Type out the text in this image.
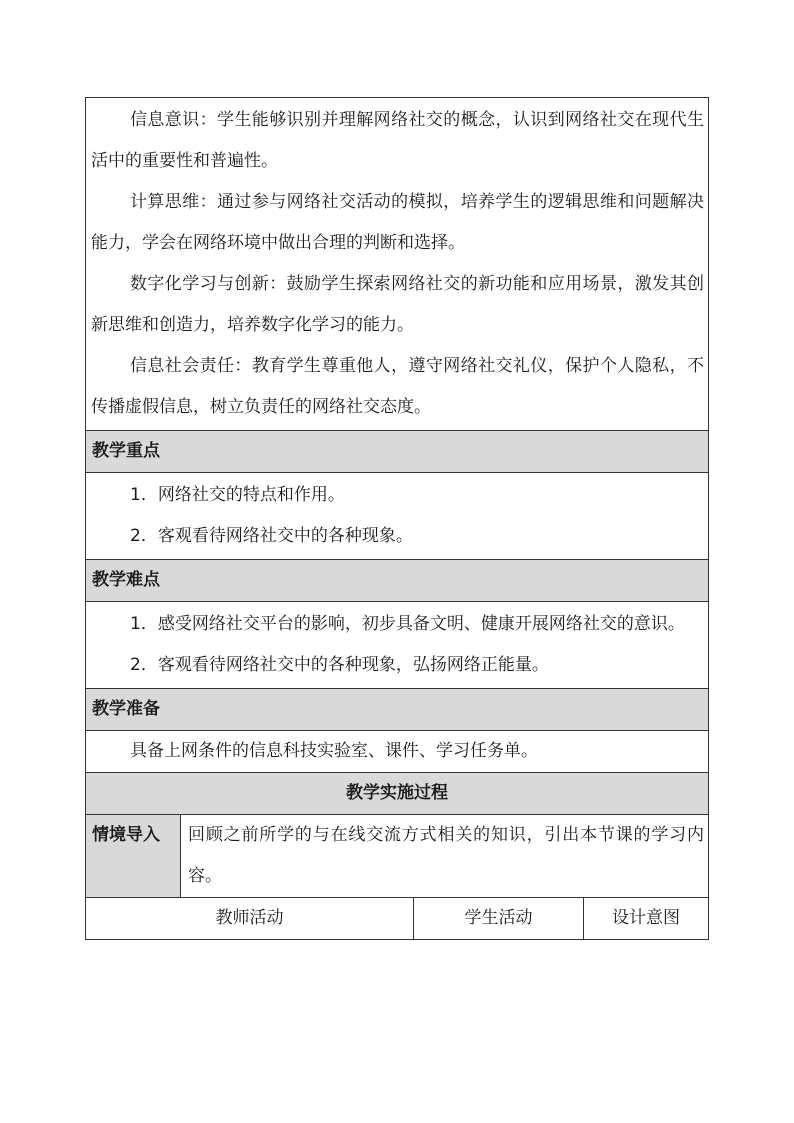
信息意识：学生能够识别并理解网络社交的概念，认识到网络社交在现代生活中的重要性和普遍性。

计算思维：通过参与网络社交活动的模拟，培养学生的逻辑思维和问题解决能力，学会在网络环境中做出合理的判断和选择。

数字化学习与创新：鼓励学生探索网络社交的新功能和应用场景，激发其创新思维和创造力，培养数字化学习的能力。

信息社会责任：教育学生尊重他人，遵守网络社交礼仪，保护个人隐私，不传播虚假信息，树立负责任的网络社交态度。			

教学重点			

1．网络社交的特点和作用。

2．客观看待网络社交中的各种现象。			

教学难点			

1．感受网络社交平台的影响，初步具备文明、健康开展网络社交的意识。

2．客观看待网络社交中的各种现象，弘扬网络正能量。			

教学准备			

具备上网条件的信息科技实验室、课件、学习任务单。			

教学实施过程			
情境导入	回顾之前所学的与在线交流方式相关的知识，引出本节课的学习内容。		

教师活动		学生活动	设计意图
